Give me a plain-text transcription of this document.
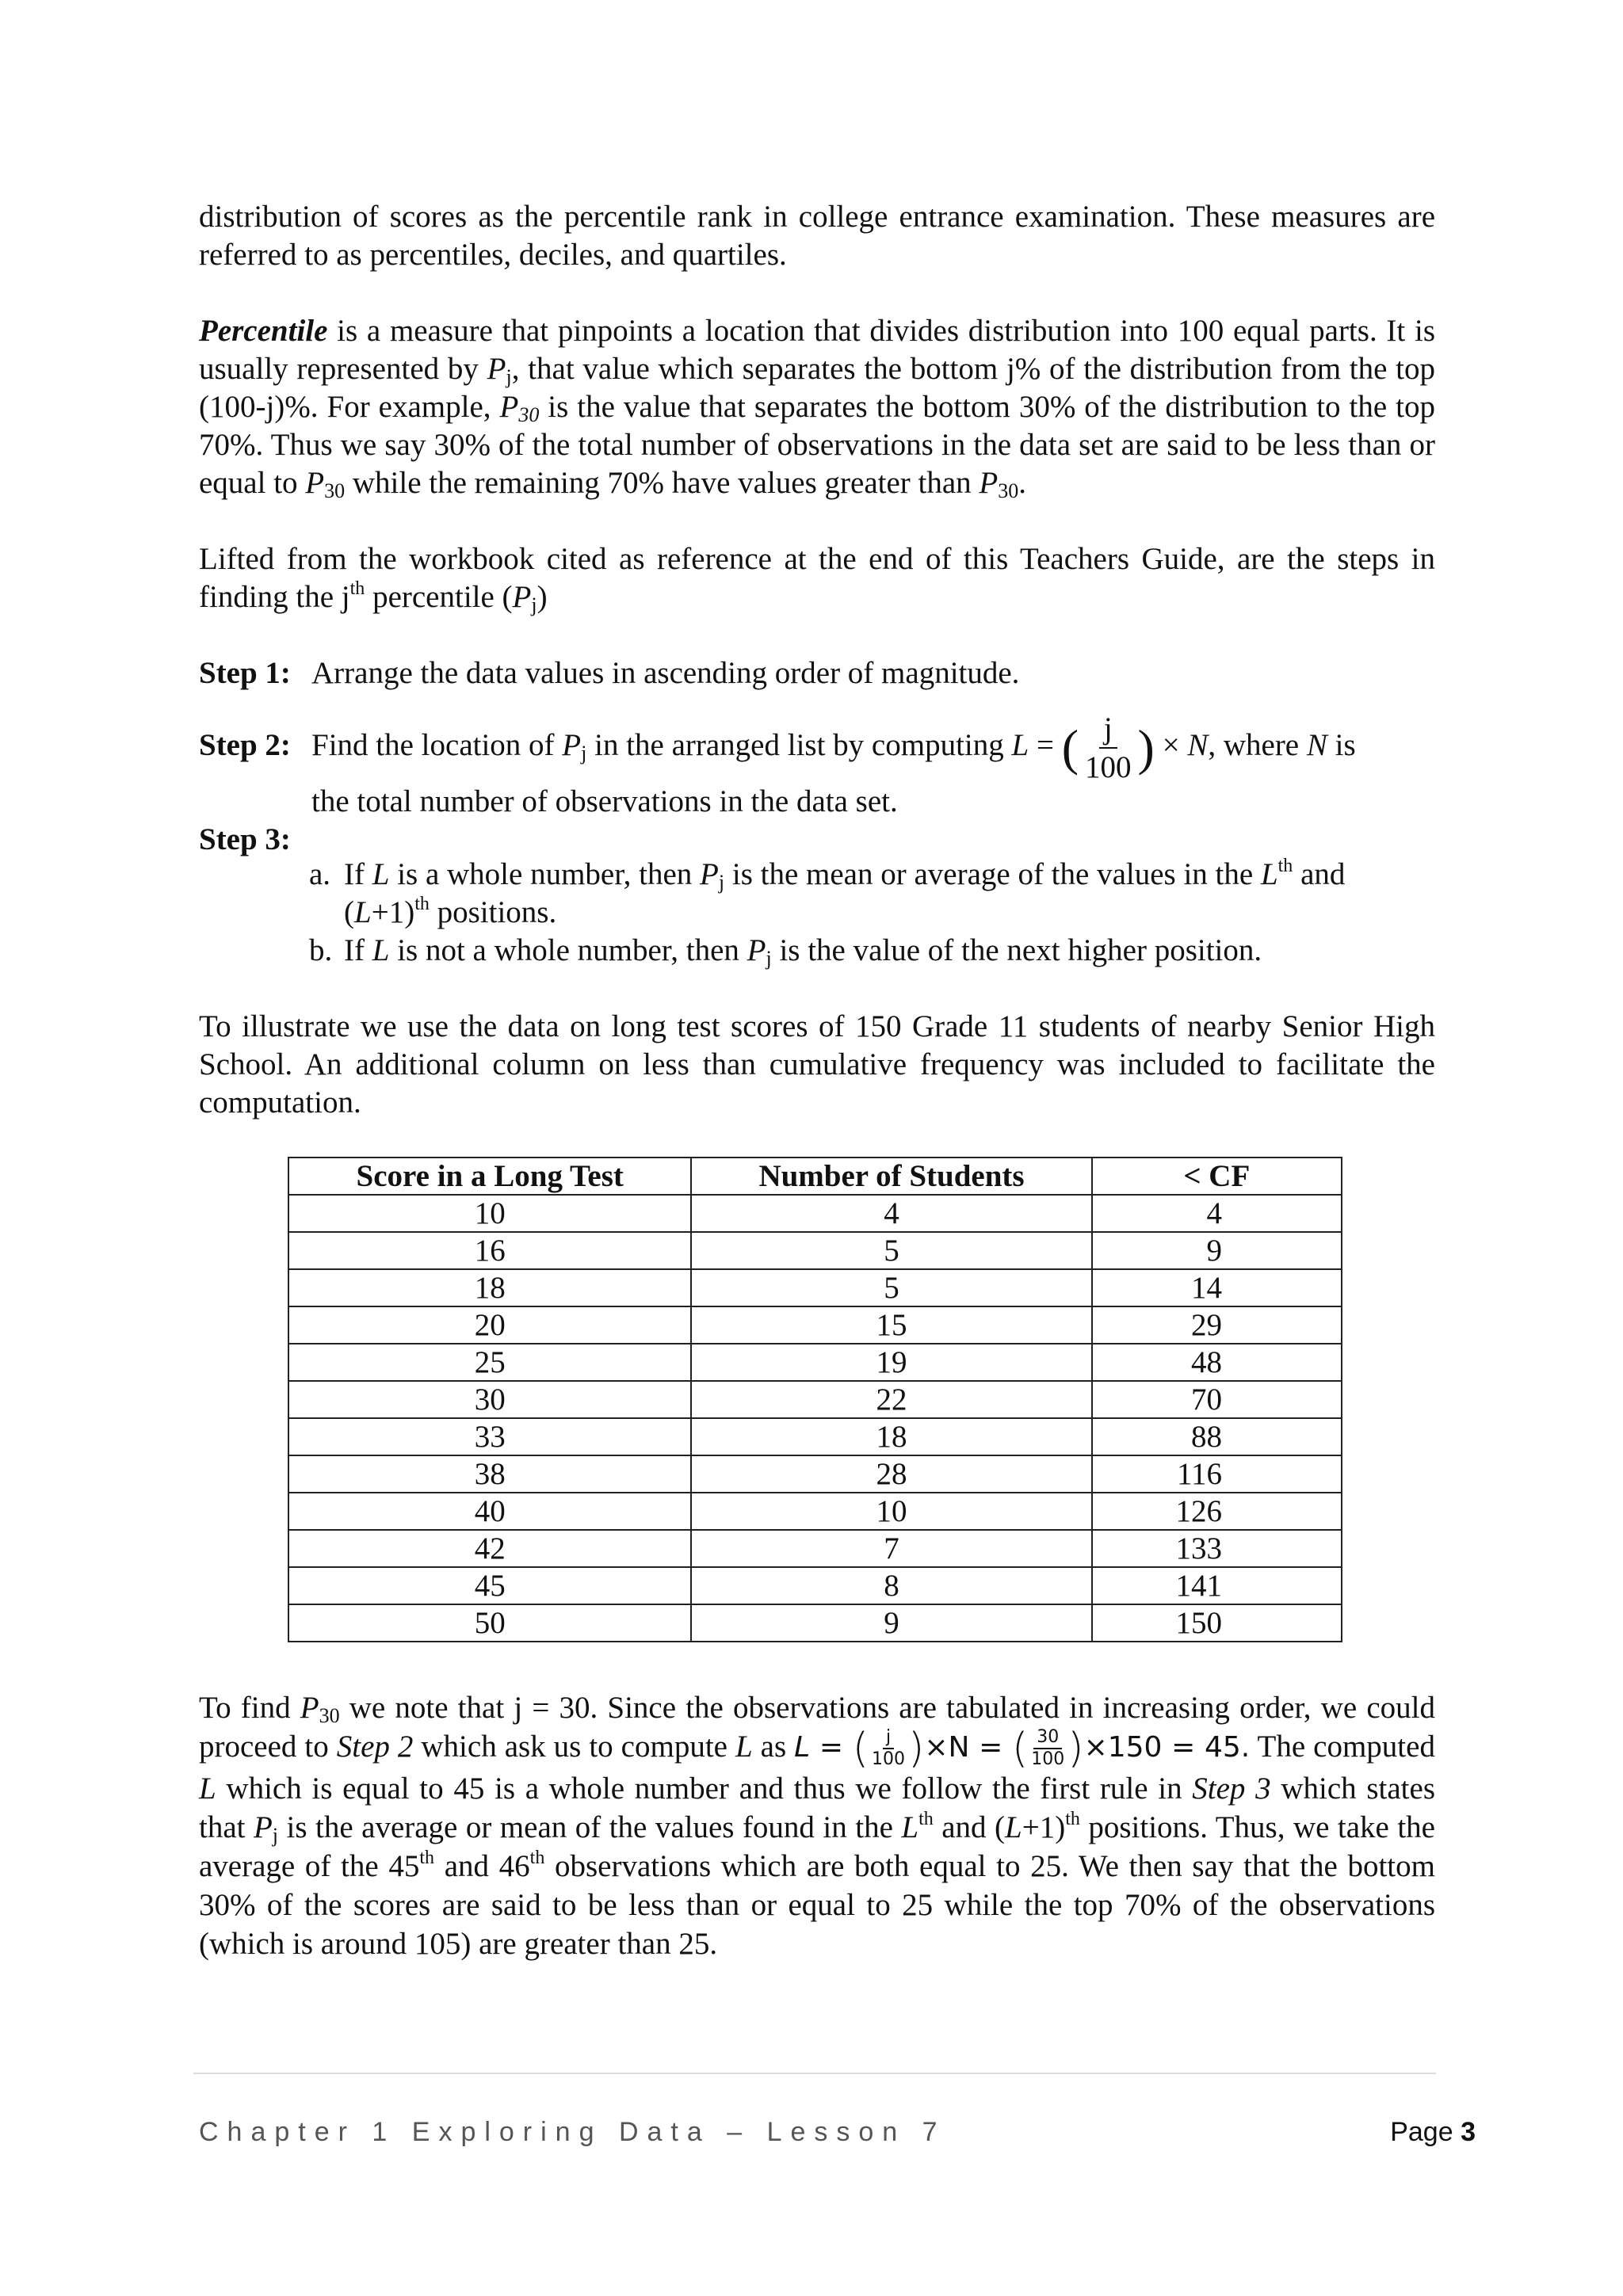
distribution of scores as the percentile rank in college entrance examination. These measures are referred to as percentiles, deciles, and quartiles.

Percentile is a measure that pinpoints a location that divides distribution into 100 equal parts. It is usually represented by $P_j$, that value which separates the bottom j% of the distribution from the top (100-j)%. For example, $P_{30}$ is the value that separates the bottom 30% of the distribution to the top 70%. Thus we say 30% of the total number of observations in the data set are said to be less than or equal to $P_{30}$ while the remaining 70% have values greater than $P_{30}$.

Lifted from the workbook cited as reference at the end of this Teachers Guide, are the steps in finding the $j^{th}$ percentile $(P_j)$

Step 1: Arrange the data values in ascending order of magnitude.

Step 2: Find the location of $P_j$ in the arranged list by computing L = ( $\frac{j}{100}$ ) × N, where N is

the total number of observations in the data set.

Step 3:

a. If L is a whole number, then $P_j$ is the mean or average of the values in the Lth and
$(L+1)^{th}$ positions.
b. If L is not a whole number, then $P_j$ is the value of the next higher position.

To illustrate we use the data on long test scores of 150 Grade 11 students of nearby Senior High School. An additional column on less than cumulative frequency was included to facilitate the computation.

Score in a Long Test	Number of Students	< CF
10	4	4
16	5	9
18	5	14
20	15	29
25	19	48
30	22	70
33	18	88
38	28	116
40	10	126
42	7	133
45	8	141
50	9	150

To find $P_{30}$ we note that j = 30. Since the observations are tabulated in increasing order, we could proceed to Step 2 which ask us to compute L as L = ( $\frac{j}{100} )\times N$ = ( $\frac{30}{100} )\times 150 = 45$. The computed L which is equal to 45 is a whole number and thus we follow the first rule in Step 3 which states that $P_j$ is the average or mean of the values found in the Lth and $(L+1)^{th}$ positions. Thus, we take the average of the 45th and 46th observations which are both equal to 25. We then say that the bottom 30% of the scores are said to be less than or equal to 25 while the top 70% of the observations (which is around 105) are greater than 25.

Chapter 1 Exploring Data – Lesson 7	Page 3
